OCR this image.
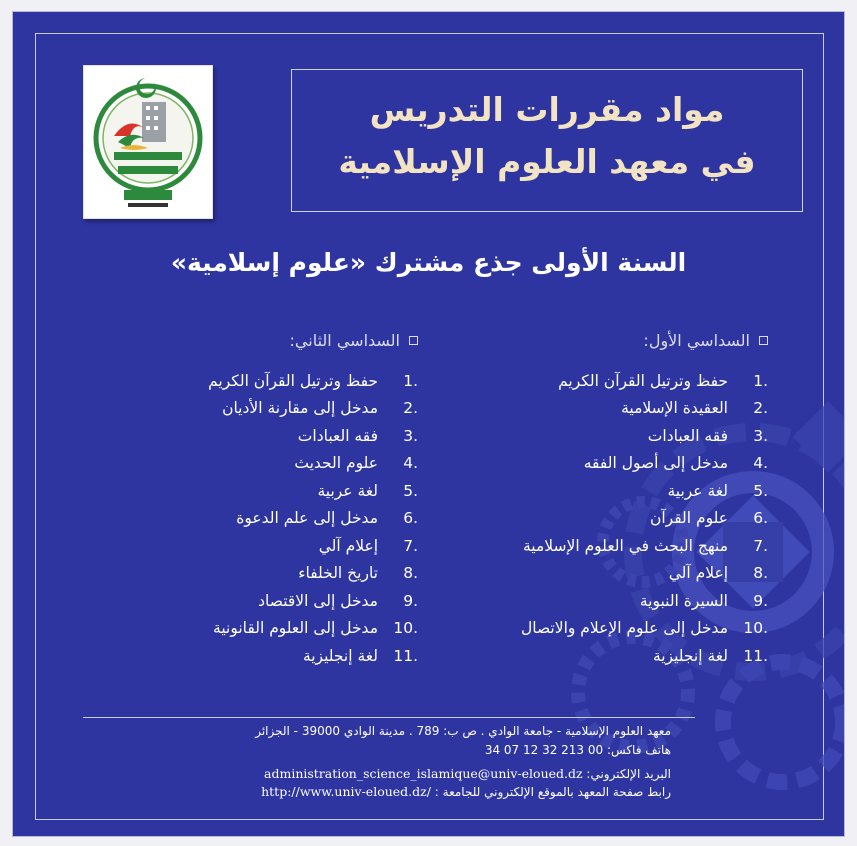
مواد مقررات التدريس
في معهد العلوم الإسلامية
السنة الأولى جذع مشترك «علوم إسلامية»
السداسي الأول:
1.
حفظ وترتيل القرآن الكريم
2.
العقيدة الإسلامية
3.
فقه العبادات
4.
مدخل إلى أصول الفقه
5.
لغة عربية
6.
علوم القرآن
7.
منهج البحث في العلوم الإسلامية
8.
إعلام آلي
9.
السيرة النبوية
10.
مدخل إلى علوم الإعلام والاتصال
11.
لغة إنجليزية
السداسي الثاني:
1.
حفظ وترتيل القرآن الكريم
2.
مدخل إلى مقارنة الأديان
3.
فقه العبادات
4.
علوم الحديث
5.
لغة عربية
6.
مدخل إلى علم الدعوة
7.
إعلام آلي
8.
تاريخ الخلفاء
9.
مدخل إلى الاقتصاد
10.
مدخل إلى العلوم القانونية
11.
لغة إنجليزية
معهد العلوم الإسلامية - جامعة الوادي . ص ب: 789 . مدينة الوادي 39000 - الجزائر
هاتف فاكس: 34 07 12 32 213 00
البريد الإلكتروني: administration_science_islamique@univ-eloued.dz
رابط صفحة المعهد بالموقع الإلكتروني للجامعة : http://www.univ-eloued.dz/
